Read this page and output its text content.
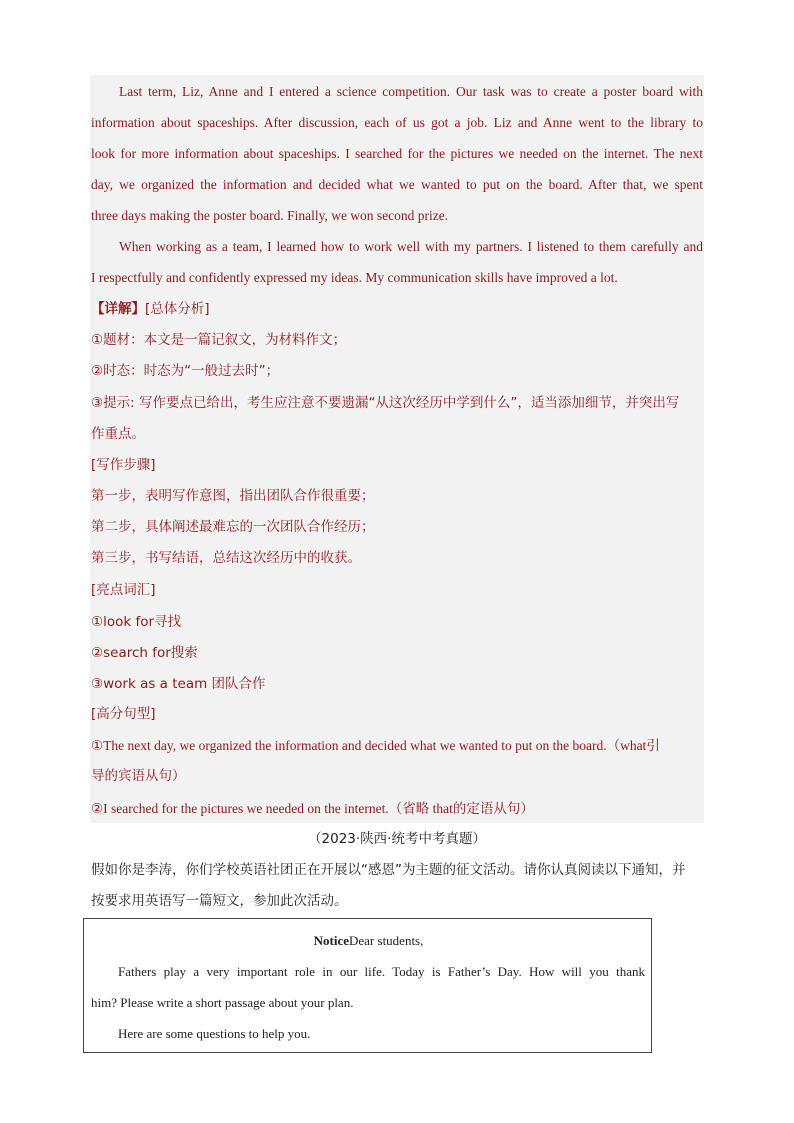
Last term, Liz, Anne and I entered a science competition. Our task was to create a poster board with
information about spaceships. After discussion, each of us got a job. Liz and Anne went to the library to
look for more information about spaceships. I searched for the pictures we needed on the internet. The next
day, we organized the information and decided what we wanted to put on the board. After that, we spent
three days making the poster board. Finally, we won second prize.
When working as a team, I learned how to work well with my partners. I listened to them carefully and
I respectfully and confidently expressed my ideas. My communication skills have improved a lot.
【详解】[总体分析]
①题材：本文是一篇记叙文，为材料作文；
②时态：时态为“一般过去时”；
③提示: 写作要点已给出，考生应注意不要遗漏“从这次经历中学到什么”，适当添加细节，并突出写
作重点。
[写作步骤]
第一步，表明写作意图，指出团队合作很重要；
第二步，具体阐述最难忘的一次团队合作经历；
第三步，书写结语，总结这次经历中的收获。
[亮点词汇]
①look for寻找
②search for搜索
③work as a team 团队合作
[高分句型]
①The next day, we organized the information and decided what we wanted to put on the board.（what引
导的宾语从句）
②I searched for the pictures we needed on the internet.（省略 that的定语从句）
（2023·陕西·统考中考真题）
假如你是李涛，你们学校英语社团正在开展以“感恩”为主题的征文活动。请你认真阅读以下通知，并
按要求用英语写一篇短文，参加此次活动。
NoticeDear students,
Fathers play a very important role in our life. Today is Father’s Day. How will you thank
him? Please write a short passage about your plan.
Here are some questions to help you.
